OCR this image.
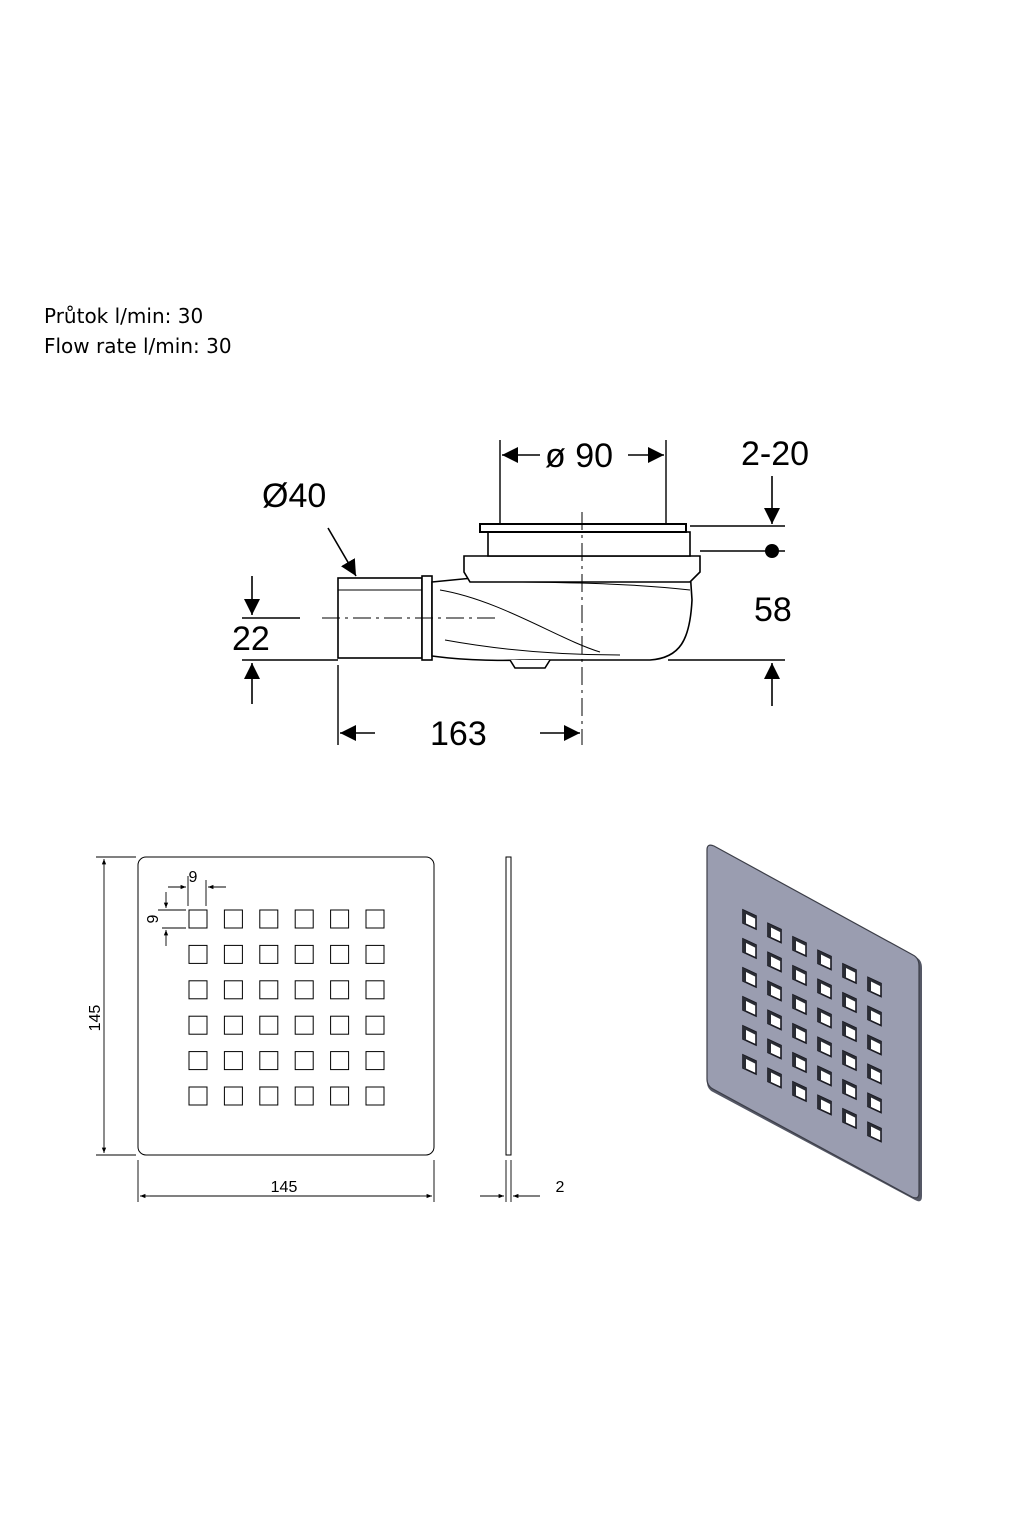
Průtok l/min: 30
Flow rate l/min: 30
ø 90	2-20
Ø40
58
22
163
145
145	2
9
9
